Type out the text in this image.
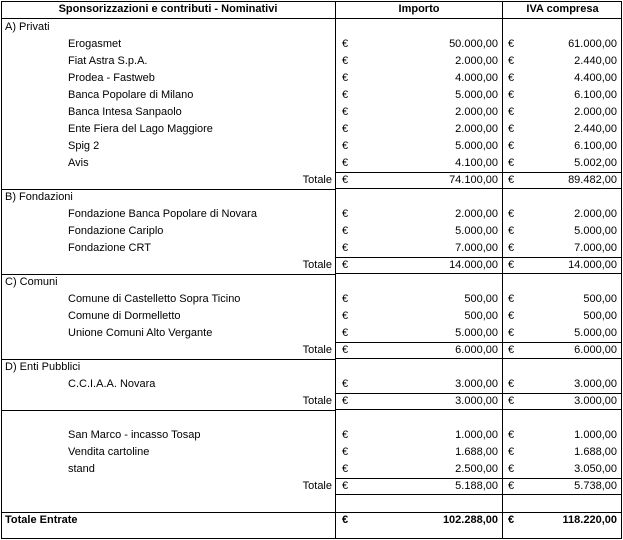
Sponsorizzazioni e contributi - Nominativi	Importo	IVA compresa
A) Privati
Erogasmet	€	50.000,00 €	61.000,00
Fiat Astra S.p.A.	€	2.000,00 €	2.440,00
Prodea - Fastweb	€	4.000,00 €	4.400,00
Banca Popolare di Milano	€	5.000,00 €	6.100,00
Banca Intesa Sanpaolo	€	2.000,00 €	2.000,00
Ente Fiera del Lago Maggiore	€	2.000,00 €	2.440,00
Spig 2	€	5.000,00 €	6.100,00
Avis	€	4.100,00 €	5.002,00
Totale €	74.100,00 €	89.482,00
B) Fondazioni
Fondazione Banca Popolare di Novara	€	2.000,00 €	2.000,00
Fondazione Cariplo	€	5.000,00 €	5.000,00
Fondazione CRT	€	7.000,00 €	7.000,00
Totale €	14.000,00 €	14.000,00
C) Comuni
Comune di Castelletto Sopra Ticino	€	500,00 €	500,00
Comune di Dormelletto	€	500,00 €	500,00
Unione Comuni Alto Vergante	€	5.000,00 €	5.000,00
Totale €	6.000,00 €	6.000,00
D) Enti Pubblici
C.C.I.A.A. Novara	€	3.000,00 €	3.000,00
Totale €	3.000,00 €	3.000,00
San Marco - incasso Tosap	€	1.000,00 €	1.000,00
Vendita cartoline	€	1.688,00 €	1.688,00
stand	€	2.500,00 €	3.050,00
Totale €	5.188,00 €	5.738,00
Totale Entrate	€	102.288,00 €	118.220,00
